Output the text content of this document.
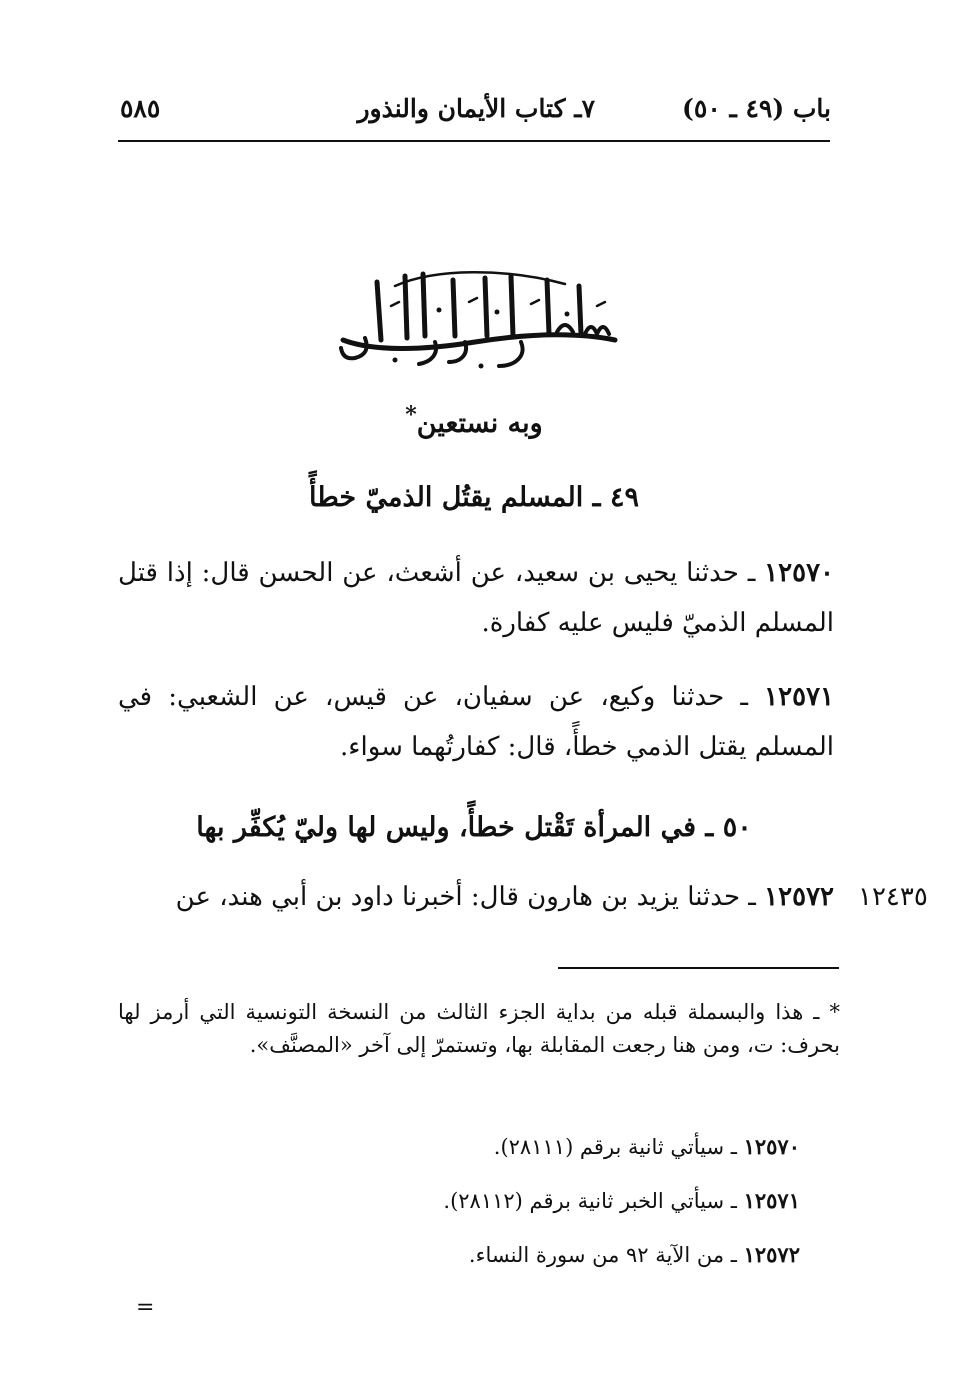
باب (٤٩ ـ ٥٠)
٧ـ كتاب الأيمان والنذور
٥٨٥
وبه نستعين*
٤٩ ـ المسلم يقتُل الذميّ خطأً
١٢٥٧٠ ـ حدثنا يحيى بن سعيد، عن أشعث، عن الحسن قال: إذا قتل المسلم الذميّ فليس عليه كفارة.
١٢٥٧١ ـ حدثنا وكيع، عن سفيان، عن قيس، عن الشعبي: في المسلم يقتل الذمي خطأً، قال: كفارتُهما سواء.
٥٠ ـ في المرأة تَقْتل خطأً، وليس لها وليّ يُكفِّر بها
١٢٥٧٢ ـ حدثنا يزيد بن هارون قال: أخبرنا داود بن أبي هند، عن	١٢٤٣٥
* ـ هذا والبسملة قبله من بداية الجزء الثالث من النسخة التونسية التي أرمز لها بحرف: ت، ومن هنا رجعت المقابلة بها، وتستمرّ إلى آخر «المصنَّف».
١٢٥٧٠ ـ سيأتي ثانية برقم (٢٨١١١).
١٢٥٧١ ـ سيأتي الخبر ثانية برقم (٢٨١١٢).
١٢٥٧٢ ـ من الآية ٩٢ من سورة النساء.
=
